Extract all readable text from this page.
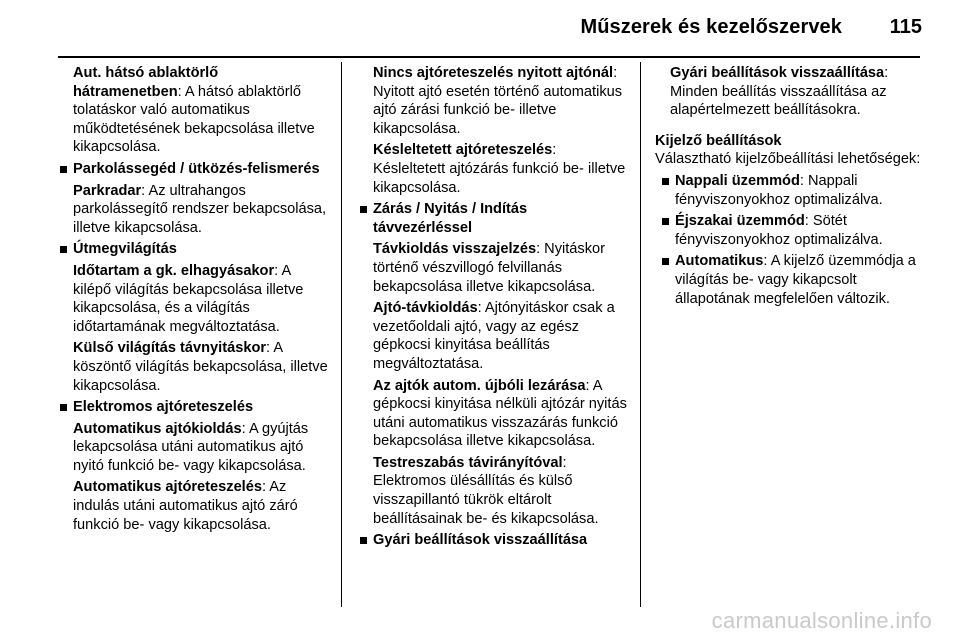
Műszerek és kezelőszervek 115

Aut. hátsó ablaktörlő hátramenetben: A hátsó ablaktörlő tolatáskor való automatikus működtetésének bekapcsolása illetve kikapcsolása.

Parkolássegéd / ütközés-felismerés

Parkradar: Az ultrahangos parkolássegítő rendszer bekapcsolása, illetve kikapcsolása.

Útmegvilágítás

Időtartam a gk. elhagyásakor: A kilépő világítás bekapcsolása illetve kikapcsolása, és a világítás időtartamának megváltoztatása.

Külső világítás távnyitáskor: A köszöntő világítás bekapcsolása, illetve kikapcsolása.

Elektromos ajtóreteszelés

Automatikus ajtókioldás: A gyújtás lekapcsolása utáni automatikus ajtó nyitó funkció be- vagy kikapcsolása.

Automatikus ajtóreteszelés: Az indulás utáni automatikus ajtó záró funkció be- vagy kikapcsolása.

Nincs ajtóreteszelés nyitott ajtónál: Nyitott ajtó esetén történő automatikus ajtó zárási funkció be- illetve kikapcsolása.

Késleltetett ajtóreteszelés: Késleltetett ajtózárás funkció be- illetve kikapcsolása.

Zárás / Nyitás / Indítás távvezérléssel

Távkioldás visszajelzés: Nyitáskor történő vészvillogó felvillanás bekapcsolása illetve kikapcsolása.

Ajtó-távkioldás: Ajtónyitáskor csak a vezetőoldali ajtó, vagy az egész gépkocsi kinyitása beállítás megváltoztatása.

Az ajtók autom. újbóli lezárása: A gépkocsi kinyitása nélküli ajtózár nyitás utáni automatikus visszazárás funkció bekapcsolása illetve kikapcsolása.

Testreszabás távirányítóval: Elektromos ülésállítás és külső visszapillantó tükrök eltárolt beállításainak be- és kikapcsolása.

Gyári beállítások visszaállítása

Gyári beállítások visszaállítása: Minden beállítás visszaállítása az alapértelmezett beállításokra.

Kijelző beállítások

Választható kijelzőbeállítási lehetőségek:

Nappali üzemmód: Nappali fényviszonyokhoz optimalizálva.
Éjszakai üzemmód: Sötét fényviszonyokhoz optimalizálva.
Automatikus: A kijelző üzemmódja a világítás be- vagy kikapcsolt állapotának megfelelően változik.
carmanualsonline.info
